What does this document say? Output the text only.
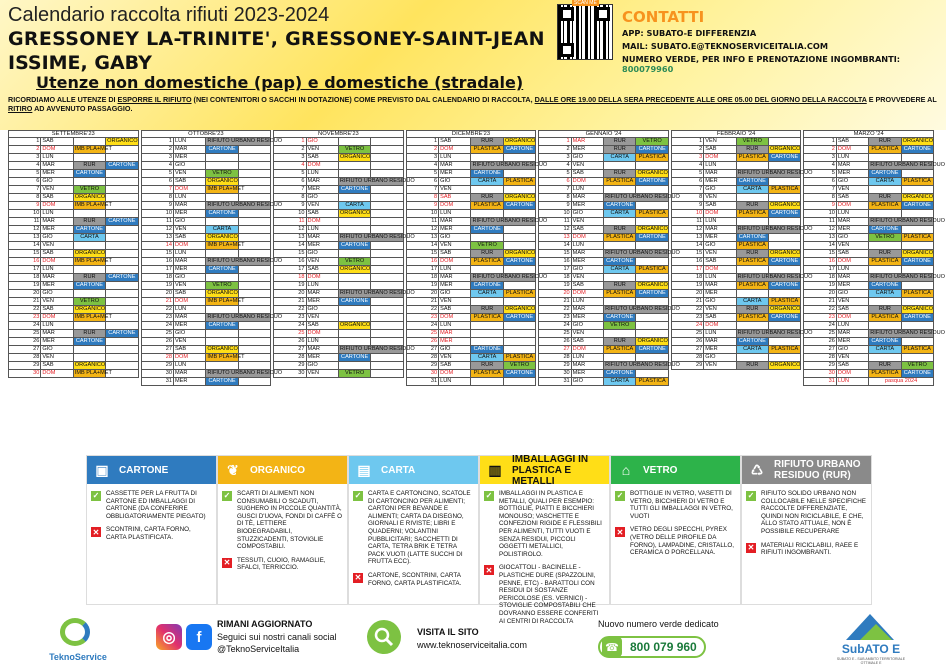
Calendario raccolta rifiuti 2023-2024
GRESSONEY LA-TRINITE', GRESSONEY-SAINT-JEAN
ISSIME, GABY
Utenze non domestiche (pap) e domestiche (stradale)
RICORDIAMO ALLE UTENZE DI ESPORRE IL RIFIUTO (NEI CONTENITORI O SACCHI IN DOTAZIONE) COME PREVISTO DAL CALENDARIO DI RACCOLTA, DALLE ORE 19.00 DELLA SERA PRECEDENTE ALLE ORE 05.00 DEL GIORNO DELLA RACCOLTA E PROVVEDERE AL RITIRO AD AVVENUTO PASSAGGIO.
SCAN ME
CONTATTI
APP: SUBATO-E DIFFERENZIA
MAIL: SUBATO.E@TEKNOSERVICEITALIA.COM
NUMERO VERDE, PER INFO E PRENOTAZIONE INGOMBRANTI: 800079960
SETTEMBRE'23			
1	SAB		ORGANICO
2	DOM	IMB PLA+MET	
3	LUN		
4	MAR	RUR	CARTONE
5	MER	CARTONE	
6	GIO		
7	VEN	VETRO	
8	SAB	ORGANICO	
9	DOM	IMB PLA+MET	
10	LUN		
11	MAR	RUR	CARTONE
12	MER	CARTONE	
13	GIO	CARTA	
14	VEN		
15	SAB	ORGANICO	
16	DOM	IMB PLA+MET	
17	LUN		
18	MAR	RUR	CARTONE
19	MER	CARTONE	
20	GIO		
21	VEN	VETRO	
22	SAB	ORGANICO	
23	DOM	IMB PLA+MET	
24	LUN		
25	MAR	RUR	CARTONE
26	MER	CARTONE	
27	GIO		
28	VEN		
29	SAB	ORGANICO	
30	DOM	IMB PLA+MET	

OTTOBRE'23			
1	LUN	RIFIUTO URBANO RESIDUO	
2	MAR	CARTONE	
3	MER		
4	GIO		
5	VEN	VETRO	
6	SAB	ORGANICO	
7	DOM	IMB PLA+MET	
8	LUN		
9	MAR	RIFIUTO URBANO RESIDUO	
10	MER	CARTONE	
11	GIO		
12	VEN	CARTA	
13	SAB	ORGANICO	
14	DOM	IMB PLA+MET	
15	LUN		
16	MAR	RIFIUTO URBANO RESIDUO	
17	MER	CARTONE	
18	GIO		
19	VEN	VETRO	
20	SAB	ORGANICO	
21	DOM	IMB PLA+MET	
22	LUN		
23	MAR	RIFIUTO URBANO RESIDUO	
24	MER	CARTONE	
25	GIO		
26	VEN		
27	SAB	ORGANICO	
28	DOM	IMB PLA+MET	
29	LUN		
30	MAR	RIFIUTO URBANO RESIDUO	
31	MER	CARTONE	
NOVEMBRE'23			
1	GIO		
2	VEN	VETRO	
3	SAB	ORGANICO	
4	DOM		
5	LUN		
6	MAR	RIFIUTO URBANO RESIDUO	
7	MER	CARTONE	
8	GIO		
9	VEN	CARTA	
10	SAB	ORGANICO	
11	DOM		
12	LUN		
13	MAR	RIFIUTO URBANO RESIDUO	
14	MER	CARTONE	
15	GIO		
16	VEN	VETRO	
17	SAB	ORGANICO	
18	DOM		
19	LUN		
20	MAR	RIFIUTO URBANO RESIDUO	
21	MER	CARTONE	
22	GIO		
23	VEN		
24	SAB	ORGANICO	
25	DOM		
26	LUN		
27	MAR	RIFIUTO URBANO RESIDUO	
28	MER	CARTONE	
29	GIO		
30	VEN	VETRO	

DICEMBRE'23			
1	SAB	RUR	ORGANICO
2	DOM	PLASTICA	CARTONE
3	LUN		
4	MAR	RIFIUTO URBANO RESIDUO	
5	MER	CARTONE	
6	GIO	CARTA	PLASTICA
7	VEN		
8	SAB	RUR	ORGANICO
9	DOM	PLASTICA	CARTONE
10	LUN		
11	MAR	RIFIUTO URBANO RESIDUO	
12	MER	CARTONE	
13	GIO		
14	VEN	VETRO	
15	SAB	RUR	ORGANICO
16	DOM	PLASTICA	CARTONE
17	LUN		
18	MAR	RIFIUTO URBANO RESIDUO	
19	MER	CARTONE	
20	GIO	CARTA	PLASTICA
21	VEN		
22	SAB	RUR	ORGANICO
23	DOM	PLASTICA	CARTONE
24	LUN		
25	MAR		
26	MER		
27	GIO	CARTONE	
28	VEN	CARTA	PLASTICA
29	SAB	RUR	VETRO
30	DOM	PLASTICA	CARTONE
31	LUN		
GENNAIO '24			
1	MAR	RUR	VETRO
2	MER	RUR	CARTONE
3	GIO	CARTA	PLASTICA
4	VEN		
5	SAB	RUR	ORGANICO
6	DOM	PLASTICA	CARTONE
7	LUN		
8	MAR	RIFIUTO URBANO RESIDUO	
9	MER	CARTONE	
10	GIO	CARTA	PLASTICA
11	VEN		
12	SAB	RUR	ORGANICO
13	DOM	PLASTICA	CARTONE
14	LUN		
15	MAR	RIFIUTO URBANO RESIDUO	
16	MER	CARTONE	
17	GIO	CARTA	PLASTICA
18	VEN		
19	SAB	RUR	ORGANICO
20	DOM	PLASTICA	CARTONE
21	LUN		
22	MAR	RIFIUTO URBANO RESIDUO	
23	MER	CARTONE	
24	GIO	VETRO	
25	VEN		
26	SAB	RUR	ORGANICO
27	DOM	PLASTICA	CARTONE
28	LUN		
29	MAR	RIFIUTO URBANO RESIDUO	
30	MER	CARTONE	
31	GIO	CARTA	PLASTICA
FEBBRAIO '24			
1	VEN	VETRO	
2	SAB	RUR	ORGANICO
3	DOM	PLASTICA	CARTONE
4	LUN		
5	MAR	RIFIUTO URBANO RESIDUO	
6	MER	CARTONE	
7	GIO	CARTA	PLASTICA
8	VEN		
9	SAB	RUR	ORGANICO
10	DOM	PLASTICA	CARTONE
11	LUN		
12	MAR	RIFIUTO URBANO RESIDUO	
13	MER	CARTONE	
14	GIO	PLASTICA	
15	VEN	RUR	ORGANICO
16	SAB	PLASTICA	CARTONE
17	DOM		
18	LUN	RIFIUTO URBANO RESIDUO	
19	MAR	PLASTICA	CARTONE
20	MER		
21	GIO	CARTA	PLASTICA
22	VEN	RUR	ORGANICO
23	SAB	PLASTICA	CARTONE
24	DOM		
25	LUN	RIFIUTO URBANO RESIDUO	
26	MAR	CARTONE	
27	MER	CARTA	PLASTICA
28	GIO		
29	VEN	RUR	ORGANICO

MARZO '24			
1	SAB	RUR	ORGANICO
2	DOM	PLASTICA	CARTONE
3	LUN		
4	MAR	RIFIUTO URBANO RESIDUO	
5	MER	CARTONE	
6	GIO	CARTA	PLASTICA
7	VEN		
8	SAB	RUR	ORGANICO
9	DOM	PLASTICA	CARTONE
10	LUN		
11	MAR	RIFIUTO URBANO RESIDUO	
12	MER	CARTONE	
13	GIO	VETRO	PLASTICA
14	VEN		
15	SAB	RUR	ORGANICO
16	DOM	PLASTICA	CARTONE
17	LUN		
18	MAR	RIFIUTO URBANO RESIDUO	
19	MER	CARTONE	
20	GIO	CARTA	PLASTICA
21	VEN		
22	SAB	RUR	ORGANICO
23	DOM	PLASTICA	CARTONE
24	LUN		
25	MAR	RIFIUTO URBANO RESIDUO	
26	MER	CARTONE	
27	GIO	CARTA	PLASTICA
28	VEN		
29	SAB	RUR	VETRO
30	DOM	PLASTICA	CARTONE
31	LUN	pasqua 2024	
▣	CARTONE
✓ CASSETTE PER LA FRUTTA DI CARTONE ED IMBALLAGGI DI CARTONE (DA CONFERIRE OBBLIGATORIAMENTE PIEGATO)
✕ SCONTRINI, CARTA FORNO, CARTA PLASTIFICATA.
❦	ORGANICO
✓ SCARTI DI ALIMENTI NON CONSUMABILI O SCADUTI, SUGHERO IN PICCOLE QUANTITÀ, GUSCI D'UOVA, FONDI DI CAFFÈ O DI TÈ, LETTIERE BIODEGRADABILI, STUZZICADENTI, STOVIGLIE COMPOSTABILI.
✕ TESSUTI, CUOIO, RAMAGLIE, SFALCI, TERRICCIO.
▤	CARTA
✓ CARTA E CARTONCINO, SCATOLE DI CARTONCINO PER ALIMENTI; CARTONI PER BEVANDE E ALIMENTI; CARTA DA DISEGNO, GIORNALI E RIVISTE; LIBRI E QUADERNI; VOLANTINI PUBBLICITARI; SACCHETTI DI CARTA, TETRA BRIK E TETRA PACK VUOTI (LATTE SUCCHI DI FRUTTA ECC).
✕ CARTONE, SCONTRINI, CARTA FORNO, CARTA PLASTIFICATA.
▥
IMBALLAGGI IN PLASTICA E METALLI
✓ IMBALLAGGI IN PLASTICA E METALLI, QUALI PER ESEMPIO: BOTTIGLIE, PIATTI E BICCHIERI MONOUSO; VASCHETTE E CONFEZIONI RIGIDE E FLESSIBILI PER ALIMENTI, TUTTI VUOTI E SENZA RESIDUI, PICCOLI OGGETTI METALLICI, POLISTIROLO.
✕ GIOCATTOLI - BACINELLE - PLASTICHE DURE (SPAZZOLINI, PENNE, ETC) - BARATTOLI CON RESIDUI DI SOSTANZE PERICOLOSE (ES. VERNICI) - STOVIGLIE COMPOSTABILI CHE DOVRANNO ESSERE CONFERITI AI CENTRI DI RACCOLTA
⌂	VETRO
✓ BOTTIGLIE IN VETRO, VASETTI DI VETRO, BICCHIERI DI VETRO E TUTTI GLI IMBALLAGGI IN VETRO, VUOTI
✕ VETRO DEGLI SPECCHI, PYREX (VETRO DELLE PIROFILE DA FORNO), LAMPADINE, CRISTALLO, CERAMICA O PORCELLANA.
♺	RIFIUTO URBANO RESIDUO (RUR)
✓ RIFIUTO SOLIDO URBANO NON COLLOCABILE NELLE SPECIFICHE RACCOLTE DIFFERENZIATE, QUINDI NON RICICLABILE, E CHE, ALLO STATO ATTUALE, NON È POSSIBILE RECUPERARE
✕ MATERIALI RICICLABILI, RAEE E RIFIUTI INGOMBRANTI.
TeknoService
◎	f
RIMANI AGGIORNATO
Seguici sui nostri canali social
@TeknoServiceItalia
VISITA IL SITO
www.teknoserviceitalia.com
Nuovo numero verde dedicato
☎ 800 079 960	SubATO E
SUBATO E - SUB AMBITO TERRITORIALE OTTIMALE E
